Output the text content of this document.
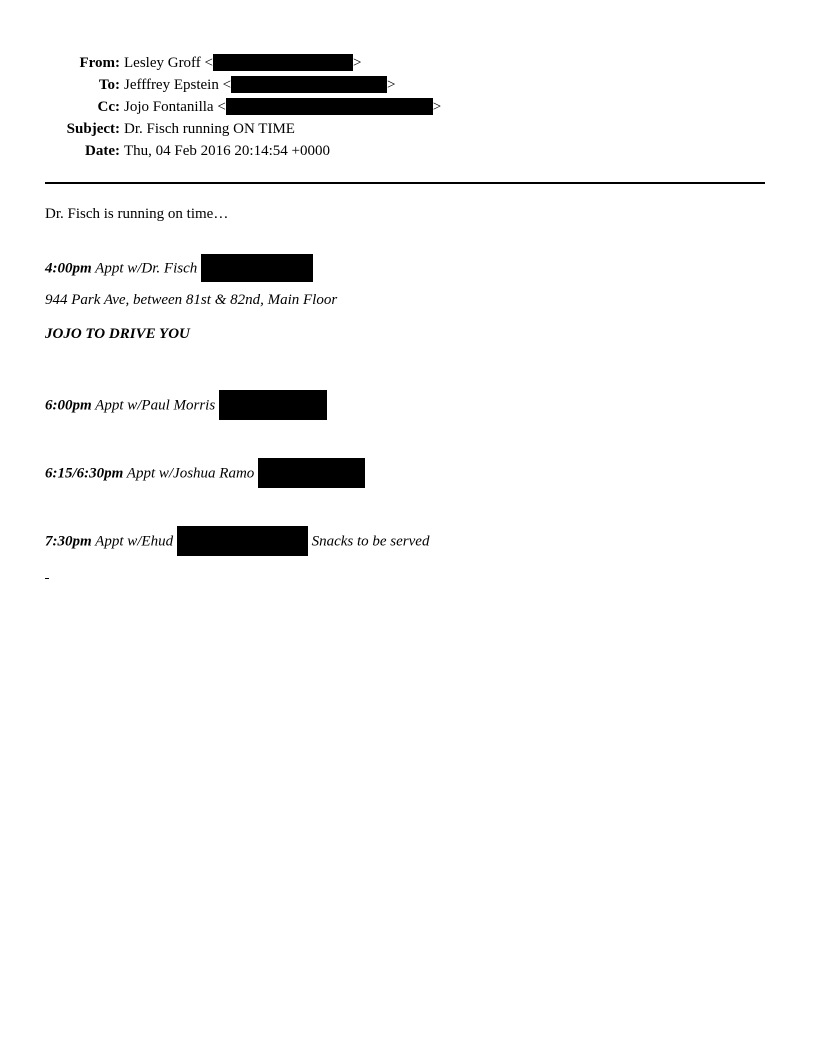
From: Lesley Groff <	>
To: Jefffrey Epstein <	>
Cc: Jojo Fontanilla <	>
Subject: Dr. Fisch running ON TIME
Date: Thu, 04 Feb 2016 20:14:54 +0000
Dr. Fisch is running on time…
4:00pm Appt w/Dr. Fisch
944 Park Ave, between 81st & 82nd, Main Floor
JOJO TO DRIVE YOU
6:00pm Appt w/Paul Morris
6:15/6:30pm Appt w/Joshua Ramo
7:30pm Appt w/Ehud	Snacks to be served
